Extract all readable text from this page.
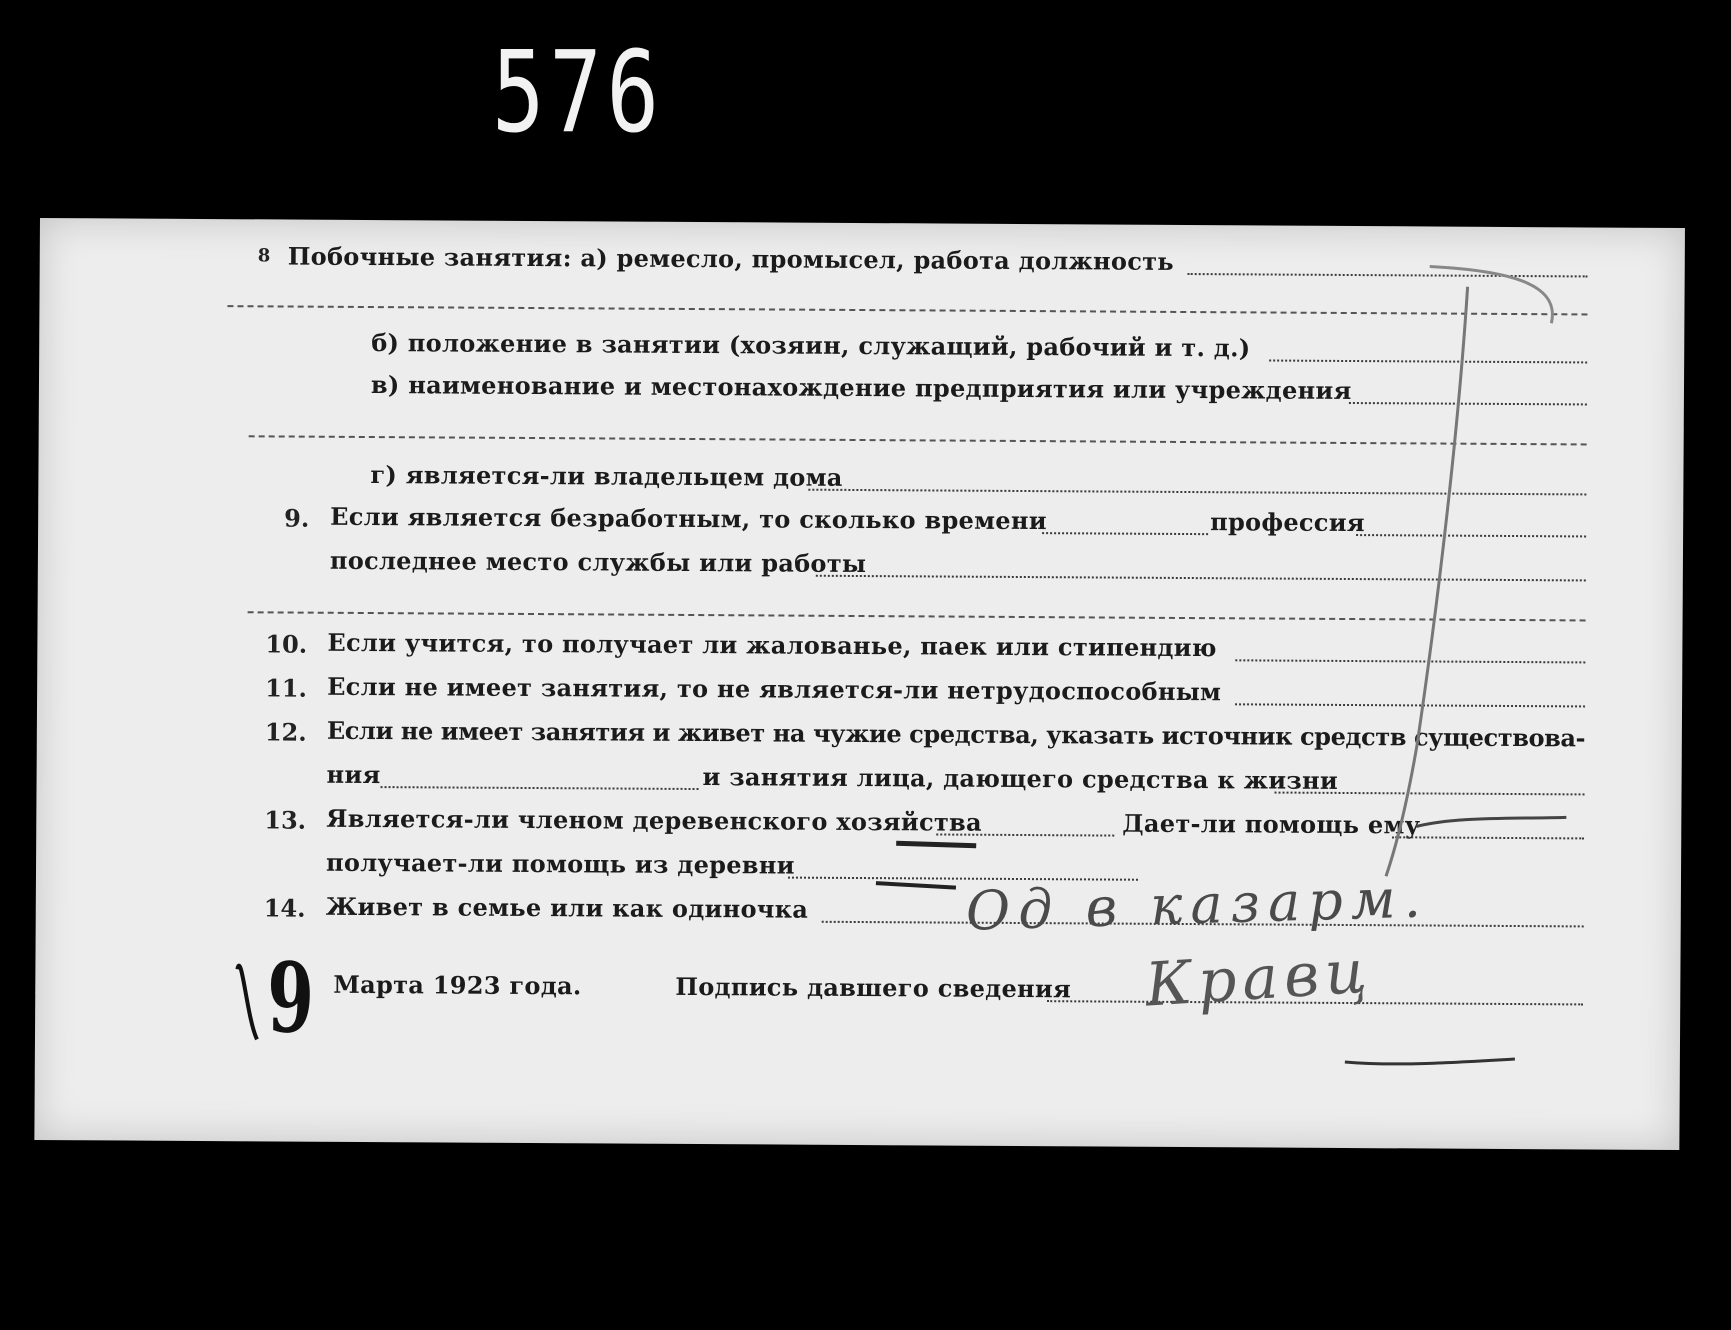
576
8 Побочные занятия: а) ремесло, промысел, работа должность
б) положение в занятии (хозяин, служащий, рабочий и т. д.)
в) наименование и местонахождение предприятия или учреждения
г) является-ли владельцем дома
9. Если является безработным, то сколько времени	профессия
последнее место службы или работы
10. Если учится, то получает ли жалованье, паек или стипендию
11. Если не имеет занятия, то не является-ли нетрудоспособным
12. Если не имеет занятия и живет на чужие средства, указать источник средств существова-
ния	и занятия лица, дающего средства к жизни
13. Является-ли членом деревенского хозяйства	Дает-ли помощь ему
получает-ли помощь из деревни
14. Живет в семье или как одиночка	Од в казарм.
9 Марта 1923 года.	Подпись давшего сведения Кравц
